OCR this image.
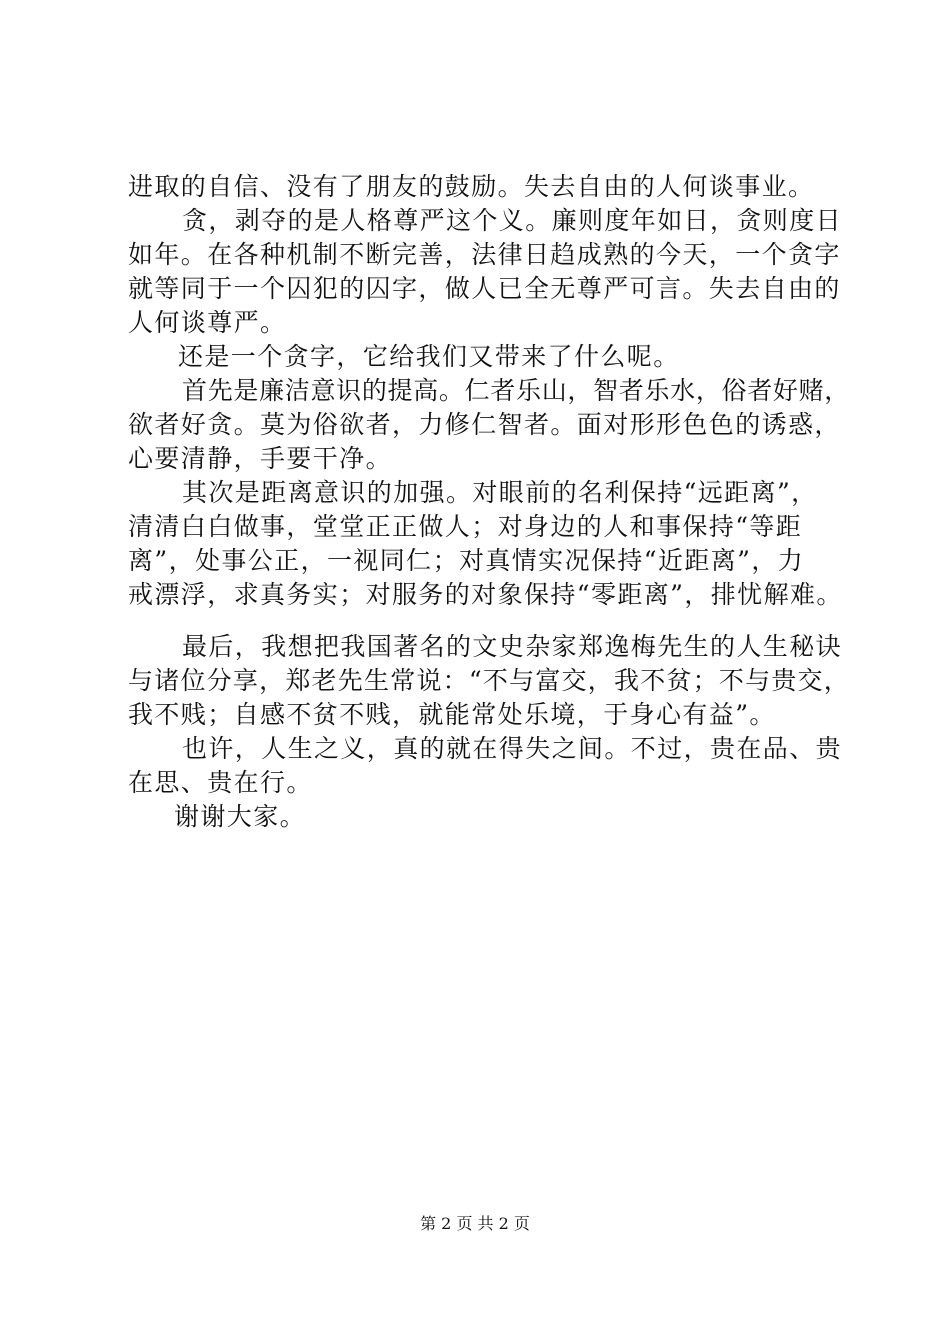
进取的自信、没有了朋友的鼓励。失去自由的人何谈事业。
贪，剥夺的是人格尊严这个义。廉则度年如日，贪则度日
如年。在各种机制不断完善，法律日趋成熟的今天，一个贪字
就等同于一个囚犯的囚字，做人已全无尊严可言。失去自由的
人何谈尊严。
还是一个贪字，它给我们又带来了什么呢。
首先是廉洁意识的提高。仁者乐山，智者乐水，俗者好赌，
欲者好贪。莫为俗欲者，力修仁智者。面对形形色色的诱惑，
心要清静，手要干净。
其次是距离意识的加强。对眼前的名利保持“远距离”，
清清白白做事，堂堂正正做人；对身边的人和事保持“等距
离”，处事公正，一视同仁；对真情实况保持“近距离”，力
戒漂浮，求真务实；对服务的对象保持“零距离”，排忧解难。
最后，我想把我国著名的文史杂家郑逸梅先生的人生秘诀
与诸位分享，郑老先生常说：“不与富交，我不贫；不与贵交，
我不贱；自感不贫不贱，就能常处乐境，于身心有益”。
也许，人生之义，真的就在得失之间。不过，贵在品、贵
在思、贵在行。
谢谢大家。
第 2 页 共 2 页
